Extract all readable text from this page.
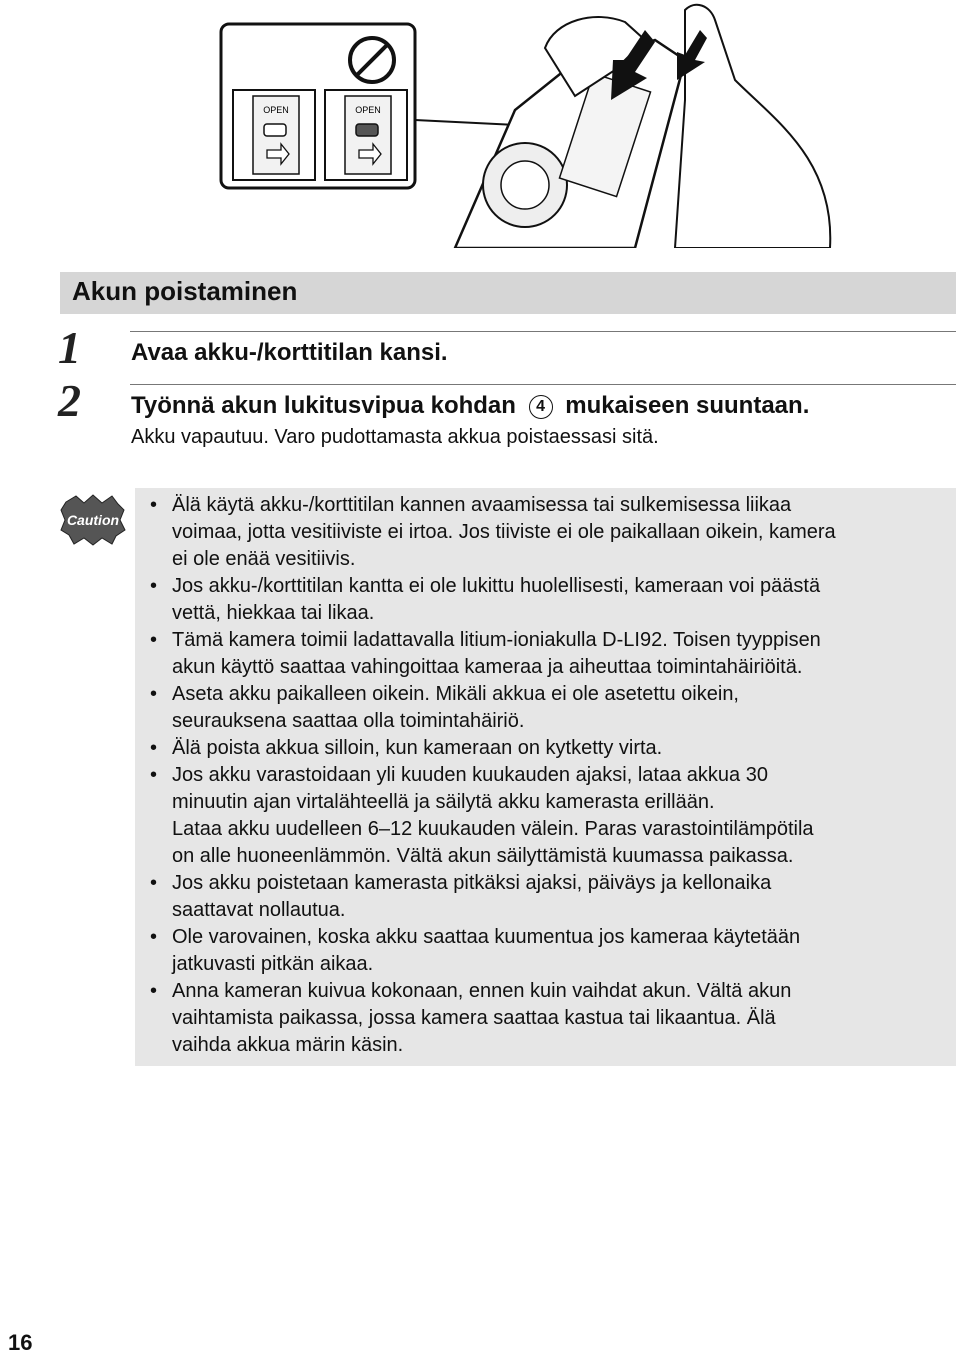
OPEN	OPEN
Akun poistaminen
1 Avaa akku-/korttitilan kansi.
2 Työnnä akun lukitusvipua kohdan 4 mukaiseen suuntaan.
Akku vapautuu. Varo pudottamasta akkua poistaessasi sitä.
Caution
• Älä käytä akku-/korttitilan kannen avaamisessa tai sulkemisessa liikaa
voimaa, jotta vesitiiviste ei irtoa. Jos tiiviste ei ole paikallaan oikein, kamera
ei ole enää vesitiivis.
• Jos akku-/korttitilan kantta ei ole lukittu huolellisesti, kameraan voi päästä
vettä, hiekkaa tai likaa.
• Tämä kamera toimii ladattavalla litium-ioniakulla D-LI92. Toisen tyyppisen
akun käyttö saattaa vahingoittaa kameraa ja aiheuttaa toimintahäiriöitä.
• Aseta akku paikalleen oikein. Mikäli akkua ei ole asetettu oikein,
seurauksena saattaa olla toimintahäiriö.
• Älä poista akkua silloin, kun kameraan on kytketty virta.
• Jos akku varastoidaan yli kuuden kuukauden ajaksi, lataa akkua 30
minuutin ajan virtalähteellä ja säilytä akku kamerasta erillään.
Lataa akku uudelleen 6–12 kuukauden välein. Paras varastointilämpötila
on alle huoneenlämmön. Vältä akun säilyttämistä kuumassa paikassa.
• Jos akku poistetaan kamerasta pitkäksi ajaksi, päiväys ja kellonaika
saattavat nollautua.
• Ole varovainen, koska akku saattaa kuumentua jos kameraa käytetään
jatkuvasti pitkän aikaa.
• Anna kameran kuivua kokonaan, ennen kuin vaihdat akun. Vältä akun
vaihtamista paikassa, jossa kamera saattaa kastua tai likaantua. Älä
vaihda akkua märin käsin.
16
